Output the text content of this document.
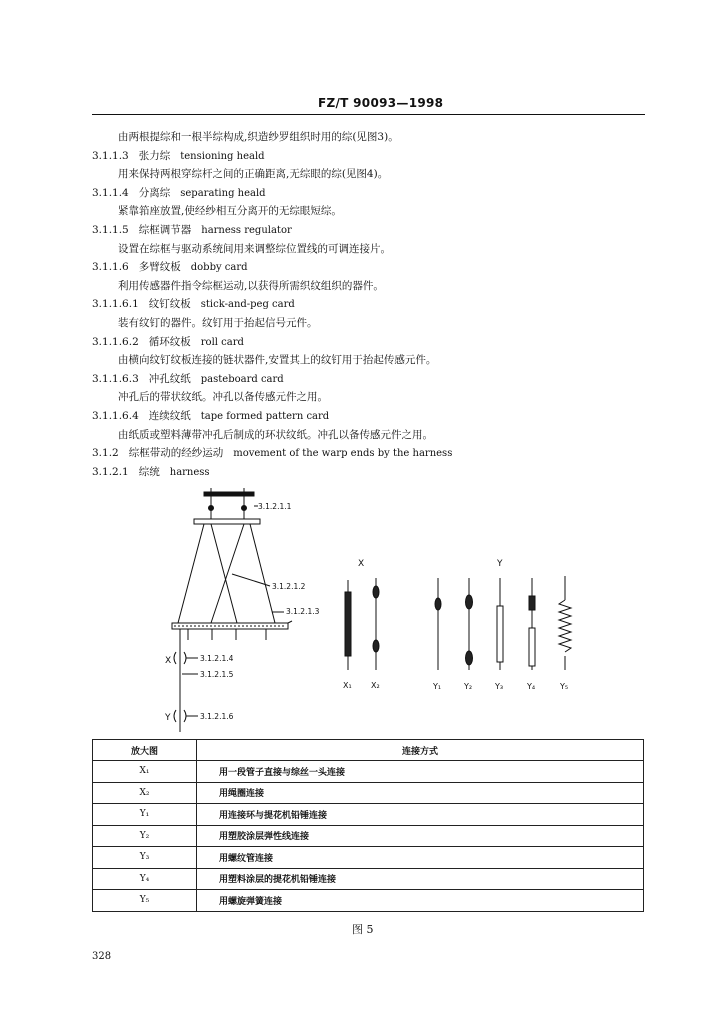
FZ/T 90093—1998
由两根提综和一根半综构成,织造纱罗组织时用的综(见图3)。
3.1.1.3 张力综 tensioning heald
用来保持两根穿综杆之间的正确距离,无综眼的综(见图4)。
3.1.1.4 分离综 separating heald
紧靠筘座放置,使经纱相互分离开的无综眼短综。
3.1.1.5 综框调节器 harness regulator
设置在综框与驱动系统间用来调整综位置线的可调连接片。
3.1.1.6 多臂纹板 dobby card
利用传感器件指令综框运动,以获得所需织纹组织的器件。
3.1.1.6.1 纹钉纹板 stick-and-peg card
装有纹钉的器件。纹钉用于抬起信号元件。
3.1.1.6.2 循环纹板 roll card
由横向纹钉纹板连接的链状器件,安置其上的纹钉用于抬起传感元件。
3.1.1.6.3 冲孔纹纸 pasteboard card
冲孔后的带状纹纸。冲孔以备传感元件之用。
3.1.1.6.4 连续纹纸 tape formed pattern card
由纸质或塑料薄带冲孔后制成的环状纹纸。冲孔以备传感元件之用。
3.1.2 综框带动的经纱运动 movement of the warp ends by the harness
3.1.2.1 综统 harness
3.1.2.1.1
3.1.2.1.2
3.1.2.1.3
3.1.2.1.4
3.1.2.1.5
3.1.2.1.6
X
Y
X	Y
X₁ X₂	Y₁	Y₂	Y₃	Y₄	Y₅
放大图	连接方式
X₁	用一段管子直接与综丝一头连接
X₂	用绳圈连接
Y₁	用连接环与提花机铅锤连接
Y₂	用塑胶涂层弹性线连接
Y₃	用螺纹管连接
Y₄	用塑料涂层的提花机铅锤连接
Y₅	用螺旋弹簧连接
图 5
328
